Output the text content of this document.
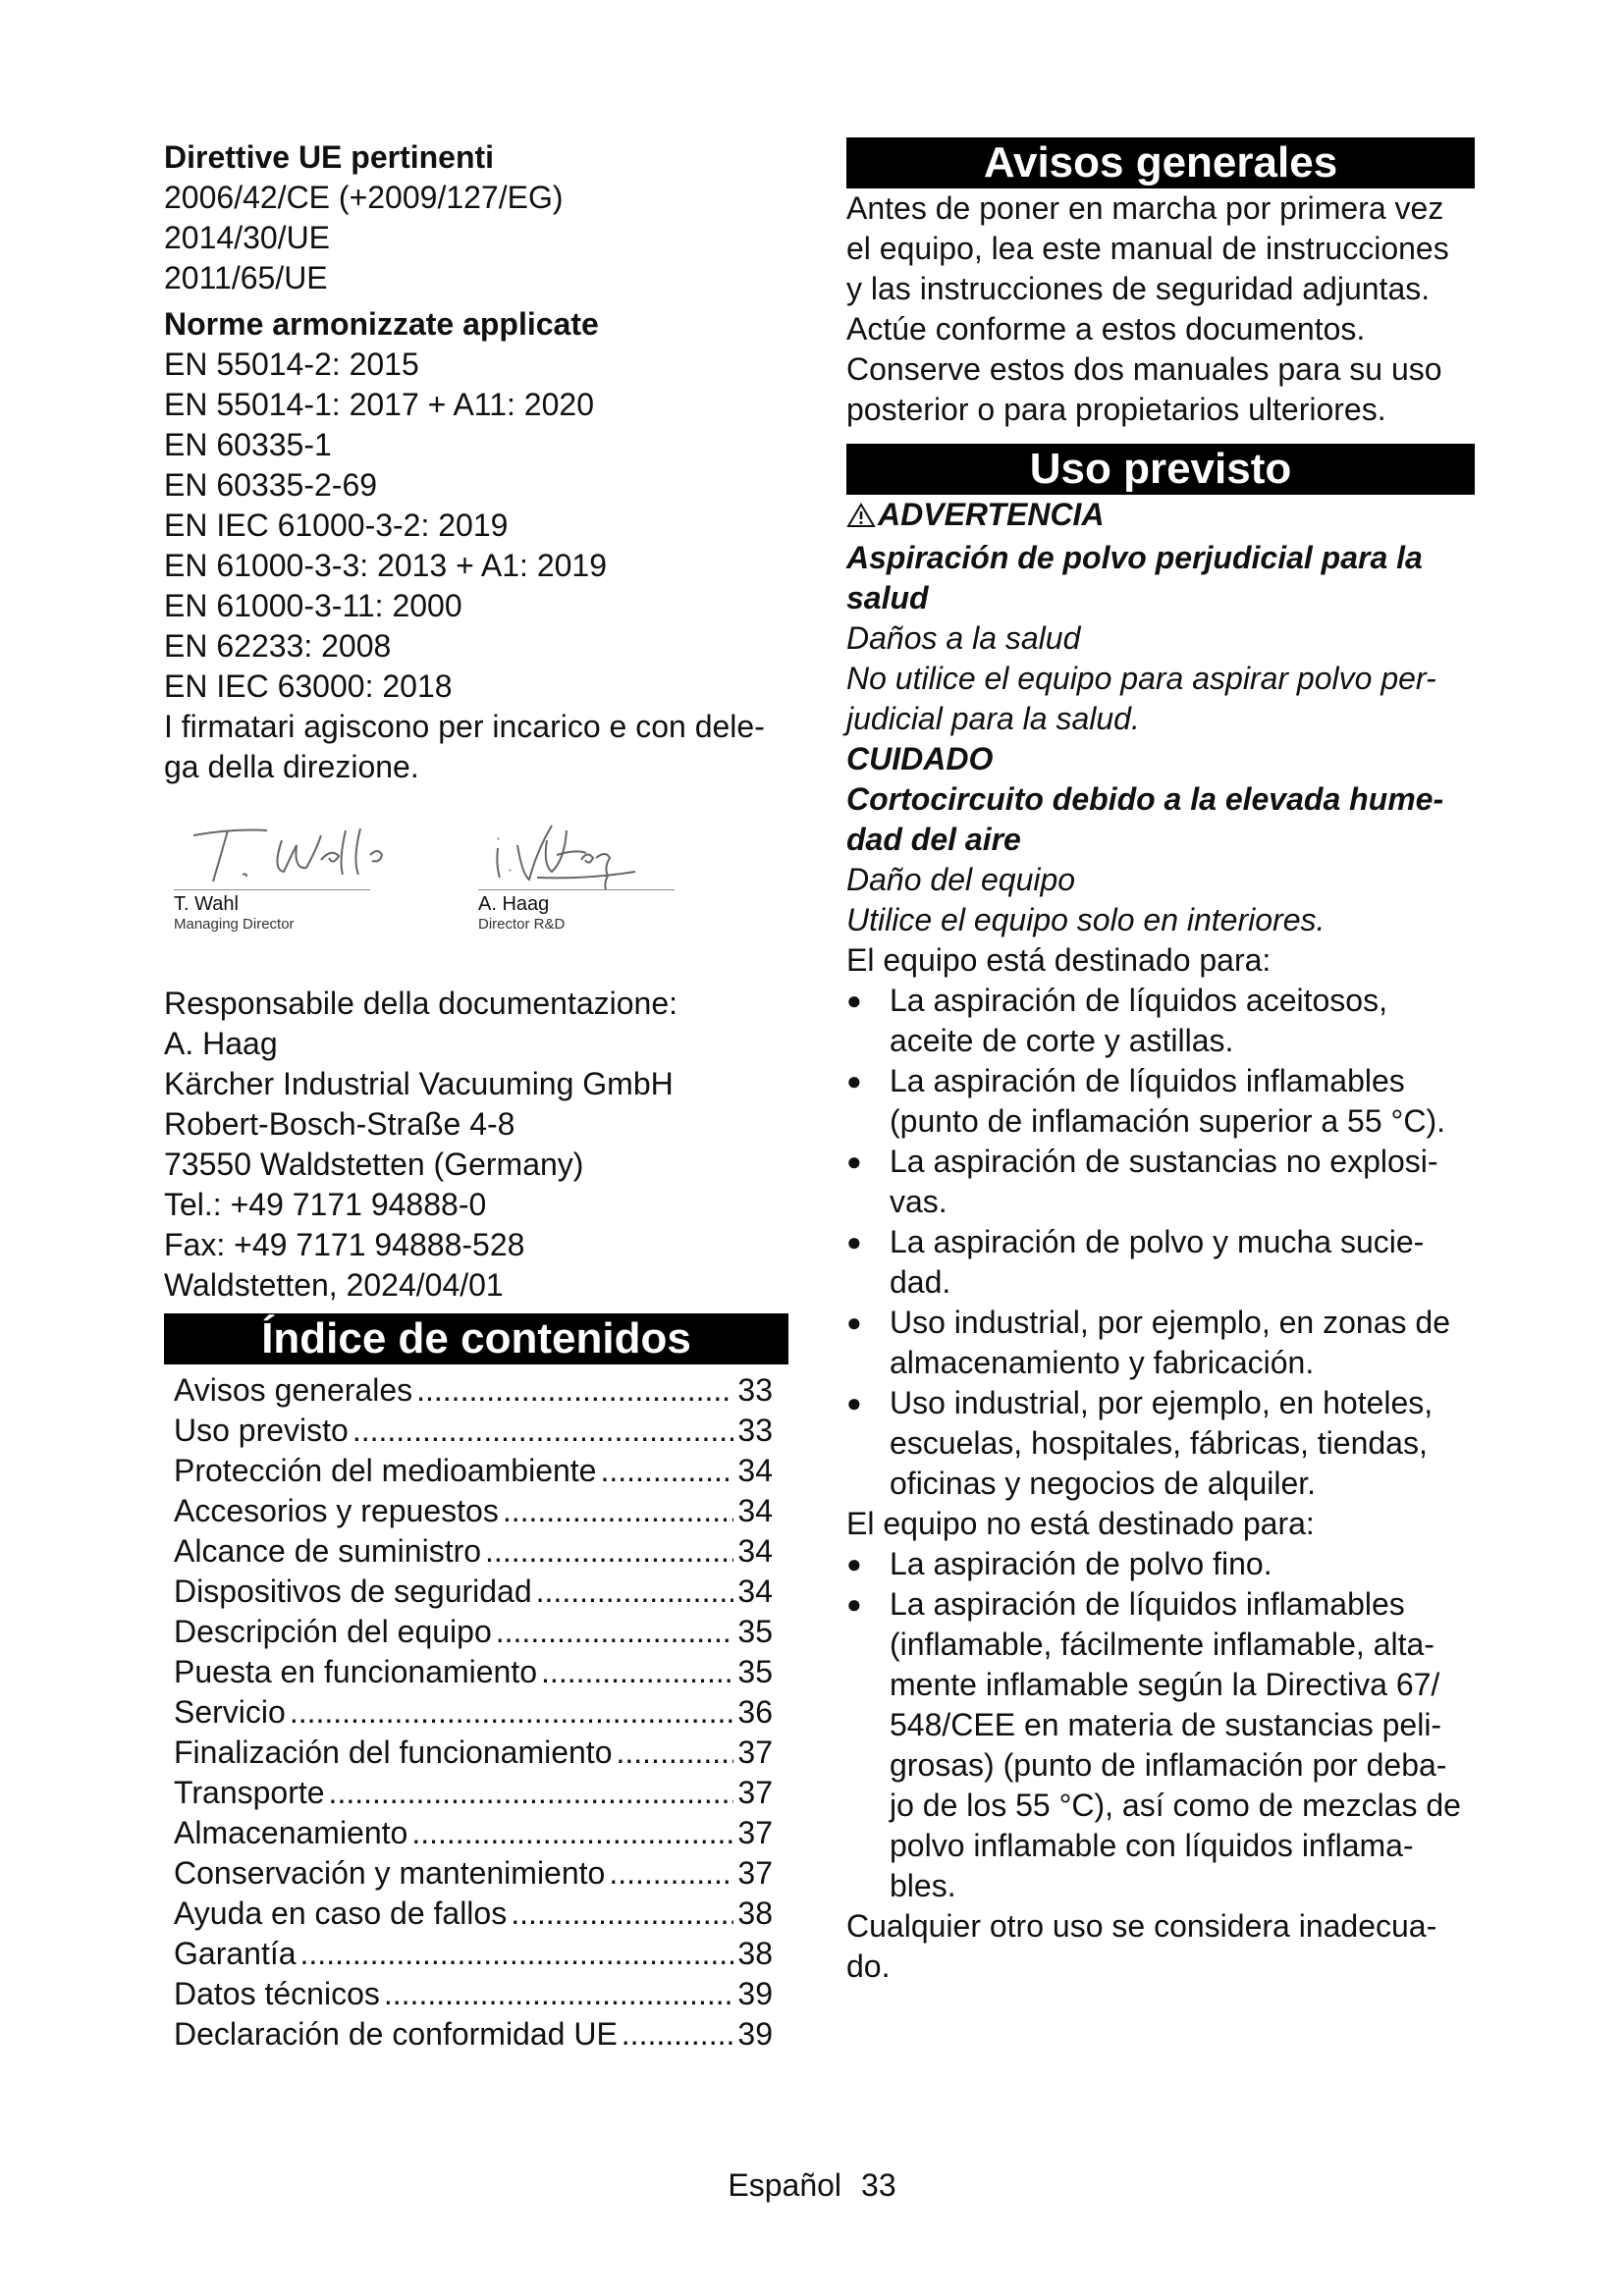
Direttive UE pertinenti

2006/42/CE (+2009/127/EG)

2014/30/UE

2011/65/UE

Norme armonizzate applicate

EN 55014-2: 2015

EN 55014-1: 2017 + A11: 2020

EN 60335-1

EN 60335-2-69

EN IEC 61000-3-2: 2019

EN 61000-3-3: 2013 + A1: 2019

EN 61000-3-11: 2000

EN 62233: 2008

EN IEC 63000: 2018

I firmatari agiscono per incarico e con dele-

ga della direzione.

T. Wahl
Managing Director
A. Haag
Director R&D

Responsabile della documentazione:

A. Haag

Kärcher Industrial Vacuuming GmbH

Robert-Bosch-Straße 4-8

73550 Waldstetten (Germany)

Tel.: +49 7171 94888-0

Fax: +49 7171 94888-528

Waldstetten, 2024/04/01

Índice de contenidos
Avisos generales .....	33
Uso previsto .....	33
Protección del medioambiente .....	34
Accesorios y repuestos .....	34
Alcance de suministro .....	34
Dispositivos de seguridad .....	34
Descripción del equipo .....	35
Puesta en funcionamiento .....	35
Servicio .....	36
Finalización del funcionamiento .....	37
Transporte .....	37
Almacenamiento .....	37
Conservación y mantenimiento .....	37
Ayuda en caso de fallos .....	38
Garantía .....	38
Datos técnicos .....	39
Declaración de conformidad UE .....	39
Avisos generales

Antes de poner en marcha por primera vez

el equipo, lea este manual de instrucciones

y las instrucciones de seguridad adjuntas.

Actúe conforme a estos documentos.

Conserve estos dos manuales para su uso

posterior o para propietarios ulteriores.

Uso previsto

ADVERTENCIA

Aspiración de polvo perjudicial para la

salud

Daños a la salud

No utilice el equipo para aspirar polvo per-

judicial para la salud.

CUIDADO

Cortocircuito debido a la elevada hume-

dad del aire

Daño del equipo

Utilice el equipo solo en interiores.

El equipo está destinado para:

● La aspiración de líquidos aceitosos,
aceite de corte y astillas.
● La aspiración de líquidos inflamables
(punto de inflamación superior a 55 °C).
● La aspiración de sustancias no explosi-
vas.
● La aspiración de polvo y mucha sucie-
dad.
● Uso industrial, por ejemplo, en zonas de
almacenamiento y fabricación.
● Uso industrial, por ejemplo, en hoteles,
escuelas, hospitales, fábricas, tiendas,
oficinas y negocios de alquiler.

El equipo no está destinado para:

● La aspiración de polvo fino.
● La aspiración de líquidos inflamables
(inflamable, fácilmente inflamable, alta-
mente inflamable según la Directiva 67/
548/CEE en materia de sustancias peli-
grosas) (punto de inflamación por deba-
jo de los 55 °C), así como de mezclas de
polvo inflamable con líquidos inflama-
bles.

Cualquier otro uso se considera inadecua-

do.

Español 33
